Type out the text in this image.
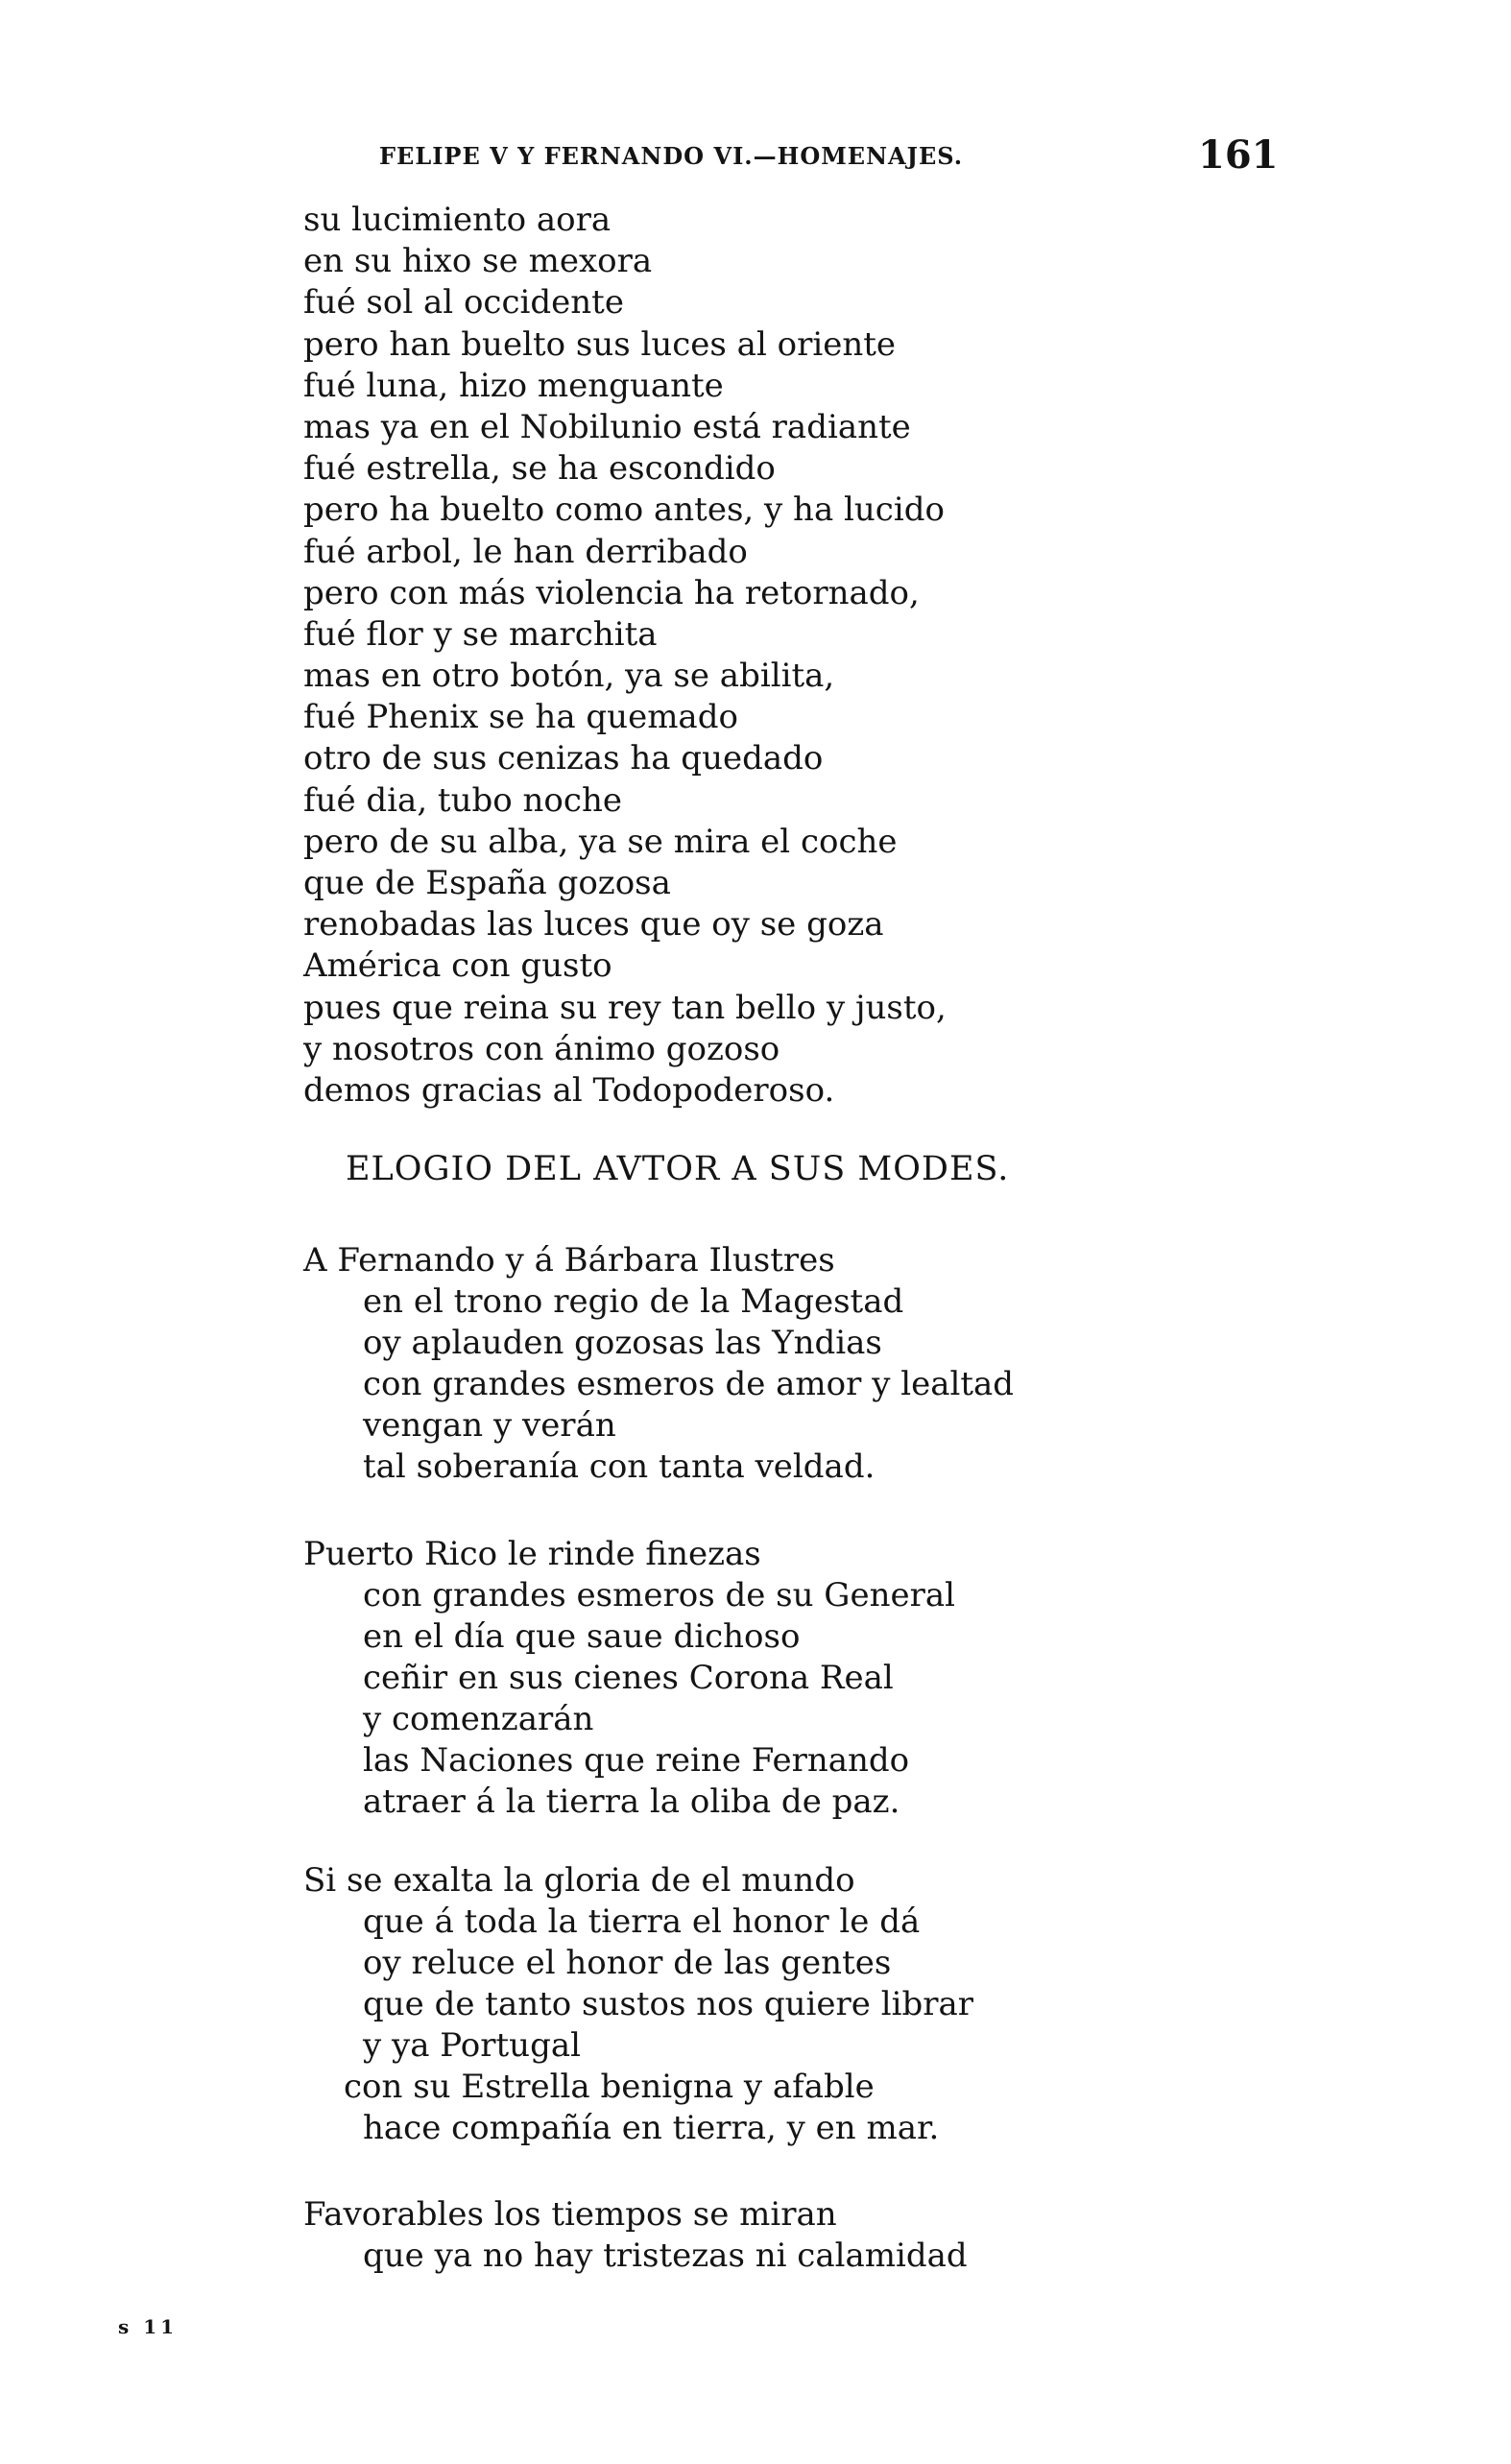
FELIPE V Y FERNANDO VI.—HOMENAJES.	161
su lucimiento aora
en su hixo se mexora
fué sol al occidente
pero han buelto sus luces al oriente
fué luna, hizo menguante
mas ya en el Nobilunio está radiante
fué estrella, se ha escondido
pero ha buelto como antes, y ha lucido
fué arbol, le han derribado
pero con más violencia ha retornado,
fué flor y se marchita
mas en otro botón, ya se abilita,
fué Phenix se ha quemado
otro de sus cenizas ha quedado
fué dia, tubo noche
pero de su alba, ya se mira el coche
que de España gozosa
renobadas las luces que oy se goza
América con gusto
pues que reina su rey tan bello y justo,
y nosotros con ánimo gozoso
demos gracias al Todopoderoso.
ELOGIO DEL AVTOR A SUS MODES.
A Fernando y á Bárbara Ilustres
en el trono regio de la Magestad
oy aplauden gozosas las Yndias
con grandes esmeros de amor y lealtad
vengan y verán
tal soberanía con tanta veldad.
Puerto Rico le rinde finezas
con grandes esmeros de su General
en el día que saue dichoso
ceñir en sus cienes Corona Real
y comenzarán
las Naciones que reine Fernando
atraer á la tierra la oliba de paz.
Si se exalta la gloria de el mundo
que á toda la tierra el honor le dá
oy reluce el honor de las gentes
que de tanto sustos nos quiere librar
y ya Portugal
con su Estrella benigna y afable
hace compañía en tierra, y en mar.
Favorables los tiempos se miran
que ya no hay tristezas ni calamidad
s 11
